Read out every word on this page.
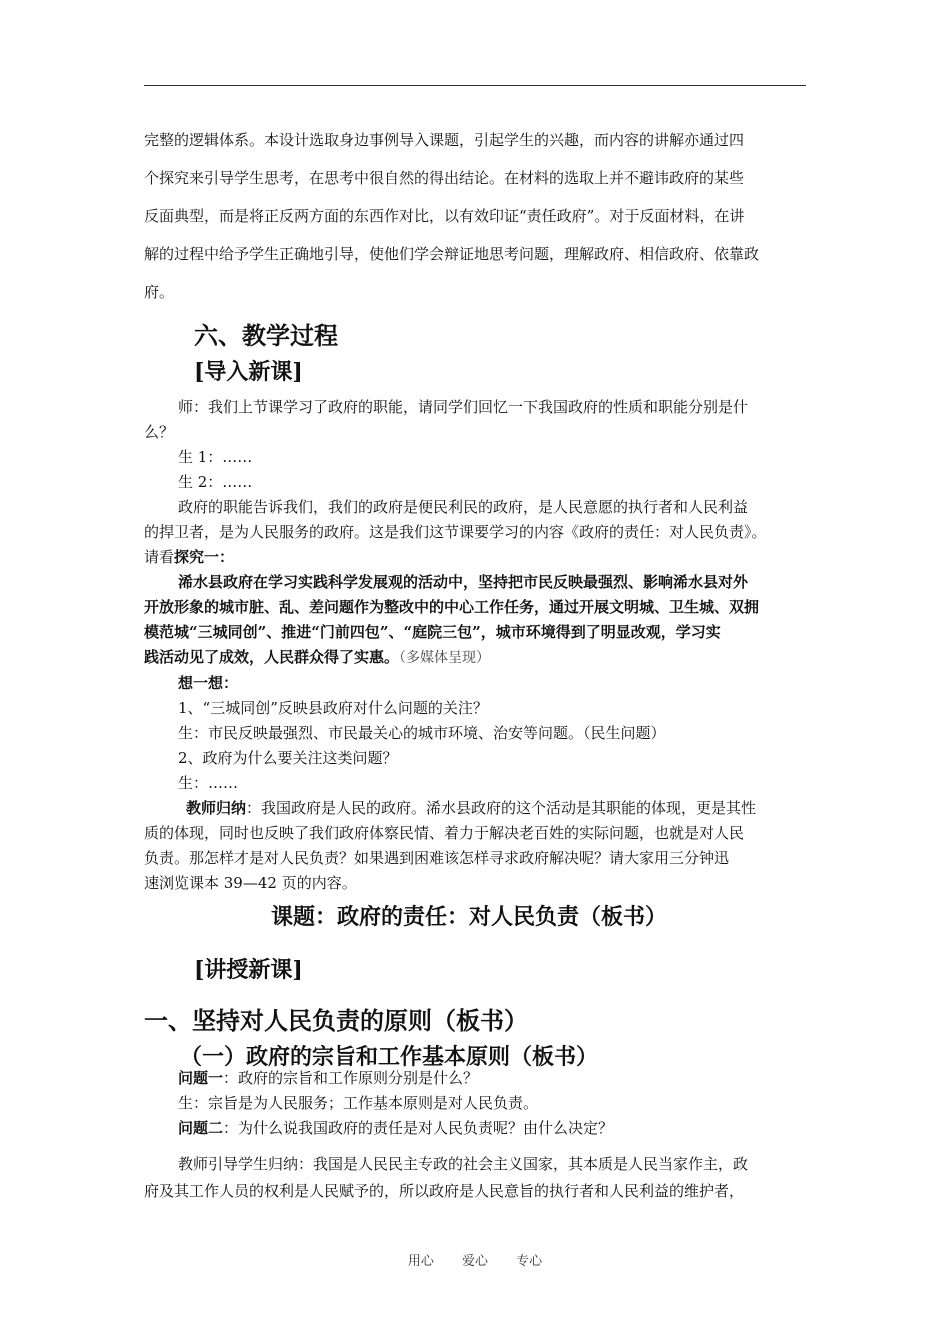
完整的逻辑体系。本设计选取身边事例导入课题，引起学生的兴趣，而内容的讲解亦通过四

个探究来引导学生思考，在思考中很自然的得出结论。在材料的选取上并不避讳政府的某些

反面典型，而是将正反两方面的东西作对比，以有效印证“责任政府”。对于反面材料，在讲

解的过程中给予学生正确地引导，使他们学会辩证地思考问题，理解政府、相信政府、依靠政

府。

六、教学过程
[导入新课]

师：我们上节课学习了政府的职能，请同学们回忆一下我国政府的性质和职能分别是什

么？

生 1：……

生 2：……

政府的职能告诉我们，我们的政府是便民利民的政府，是人民意愿的执行者和人民利益

的捍卫者，是为人民服务的政府。这是我们这节课要学习的内容《政府的责任：对人民负责》。

请看探究一：

浠水县政府在学习实践科学发展观的活动中，坚持把市民反映最强烈、影响浠水县对外

开放形象的城市脏、乱、差问题作为整改中的中心工作任务，通过开展文明城、卫生城、双拥

模范城“三城同创”、推进“门前四包”、“庭院三包”，城市环境得到了明显改观，学习实

践活动见了成效，人民群众得了实惠。（多媒体呈现）

想一想：

1、“三城同创”反映县政府对什么问题的关注？

生：市民反映最强烈、市民最关心的城市环境、治安等问题。（民生问题）

2、政府为什么要关注这类问题？

生：……

教师归纳：我国政府是人民的政府。浠水县政府的这个活动是其职能的体现，更是其性

质的体现，同时也反映了我们政府体察民情、着力于解决老百姓的实际问题，也就是对人民

负责。那怎样才是对人民负责？如果遇到困难该怎样寻求政府解决呢？请大家用三分钟迅

速浏览课本 39—42 页的内容。

课题：政府的责任：对人民负责（板书）
[讲授新课]
一、坚持对人民负责的原则（板书）
（一）政府的宗旨和工作基本原则（板书）

问题一：政府的宗旨和工作原则分别是什么？

生：宗旨是为人民服务；工作基本原则是对人民负责。

问题二：为什么说我国政府的责任是对人民负责呢？由什么决定？

教师引导学生归纳：我国是人民民主专政的社会主义国家，其本质是人民当家作主，政

府及其工作人员的权利是人民赋予的，所以政府是人民意旨的执行者和人民利益的维护者，

用心 爱心 专心
